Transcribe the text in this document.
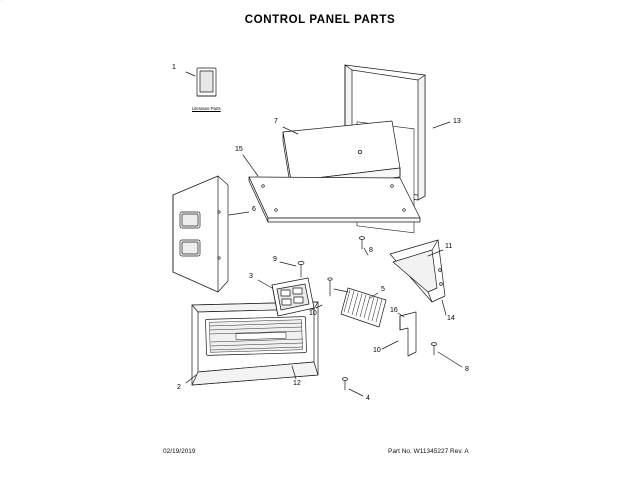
CONTROL PANEL PARTS
Literature Parts
1
7	13
15
6
11
8
9
3
5
14
10	16
10
8
2
12
4
02/19/2019	Part No. W11345227 Rev. A
